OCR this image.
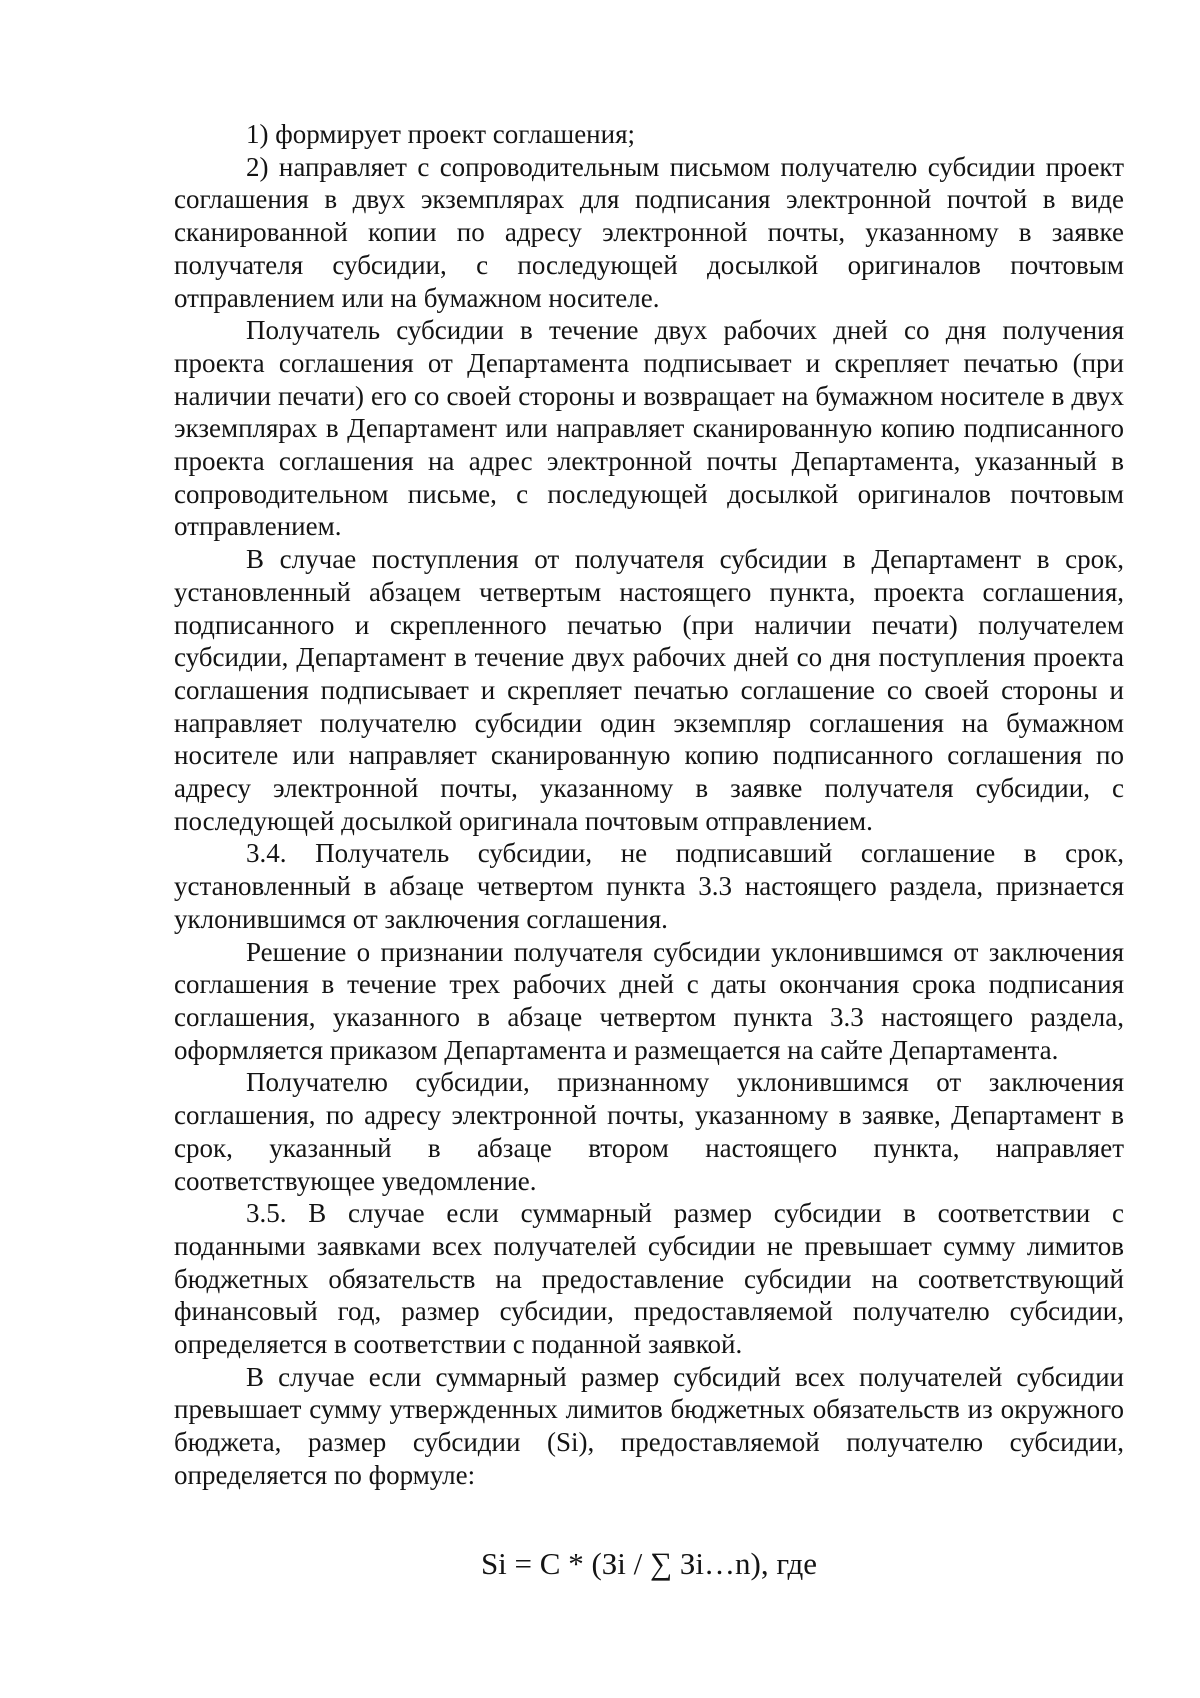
1) формирует проект соглашения;

2) направляет с сопроводительным письмом получателю субсидии проект соглашения в двух экземплярах для подписания электронной почтой в виде сканированной копии по адресу электронной почты, указанному в заявке получателя субсидии, с последующей досылкой оригиналов почтовым отправлением или на бумажном носителе.

Получатель субсидии в течение двух рабочих дней со дня получения проекта соглашения от Департамента подписывает и скрепляет печатью (при наличии печати) его со своей стороны и возвращает на бумажном носителе в двух экземплярах в Департамент или направляет сканированную копию подписанного проекта соглашения на адрес электронной почты Департамента, указанный в сопроводительном письме, с последующей досылкой оригиналов почтовым отправлением.

В случае поступления от получателя субсидии в Департамент в срок, установленный абзацем четвертым настоящего пункта, проекта соглашения, подписанного и скрепленного печатью (при наличии печати) получателем субсидии, Департамент в течение двух рабочих дней со дня поступления проекта соглашения подписывает и скрепляет печатью соглашение со своей стороны и направляет получателю субсидии один экземпляр соглашения на бумажном носителе или направляет сканированную копию подписанного соглашения по адресу электронной почты, указанному в заявке получателя субсидии, с последующей досылкой оригинала почтовым отправлением.

3.4. Получатель субсидии, не подписавший соглашение в срок, установленный в абзаце четвертом пункта 3.3 настоящего раздела, признается уклонившимся от заключения соглашения.

Решение о признании получателя субсидии уклонившимся от заключения соглашения в течение трех рабочих дней с даты окончания срока подписания соглашения, указанного в абзаце четвертом пункта 3.3 настоящего раздела, оформляется приказом Департамента и размещается на сайте Департамента.

Получателю субсидии, признанному уклонившимся от заключения соглашения, по адресу электронной почты, указанному в заявке, Департамент в срок, указанный в абзаце втором настоящего пункта, направляет соответствующее уведомление.

3.5. В случае если суммарный размер субсидии в соответствии с поданными заявками всех получателей субсидии не превышает сумму лимитов бюджетных обязательств на предоставление субсидии на соответствующий финансовый год, размер субсидии, предоставляемой получателю субсидии, определяется в соответствии с поданной заявкой.

В случае если суммарный размер субсидий всех получателей субсидии превышает сумму утвержденных лимитов бюджетных обязательств из окружного бюджета, размер субсидии (Si), предоставляемой получателю субсидии, определяется по формуле:

Si = C * (Зi / ∑ Зi…n), где
